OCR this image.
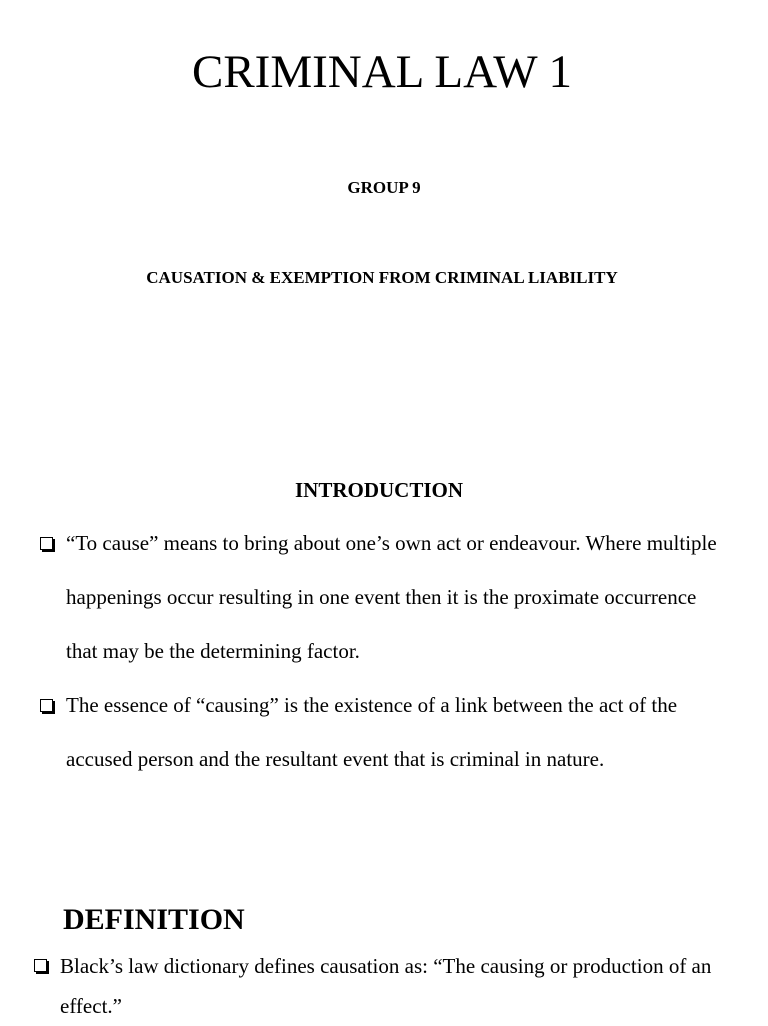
CRIMINAL LAW 1
GROUP 9
CAUSATION & EXEMPTION FROM CRIMINAL LIABILITY
INTRODUCTION
“To cause” means to bring about one’s own act or endeavour. Where multiple happenings occur resulting in one event then it is the proximate occurrence that may be the determining factor.
The essence of “causing” is the existence of a link between the act of the accused person and the resultant event that is criminal in nature.
DEFINITION
Black’s law dictionary defines causation as: “The causing or production of an effect.”
